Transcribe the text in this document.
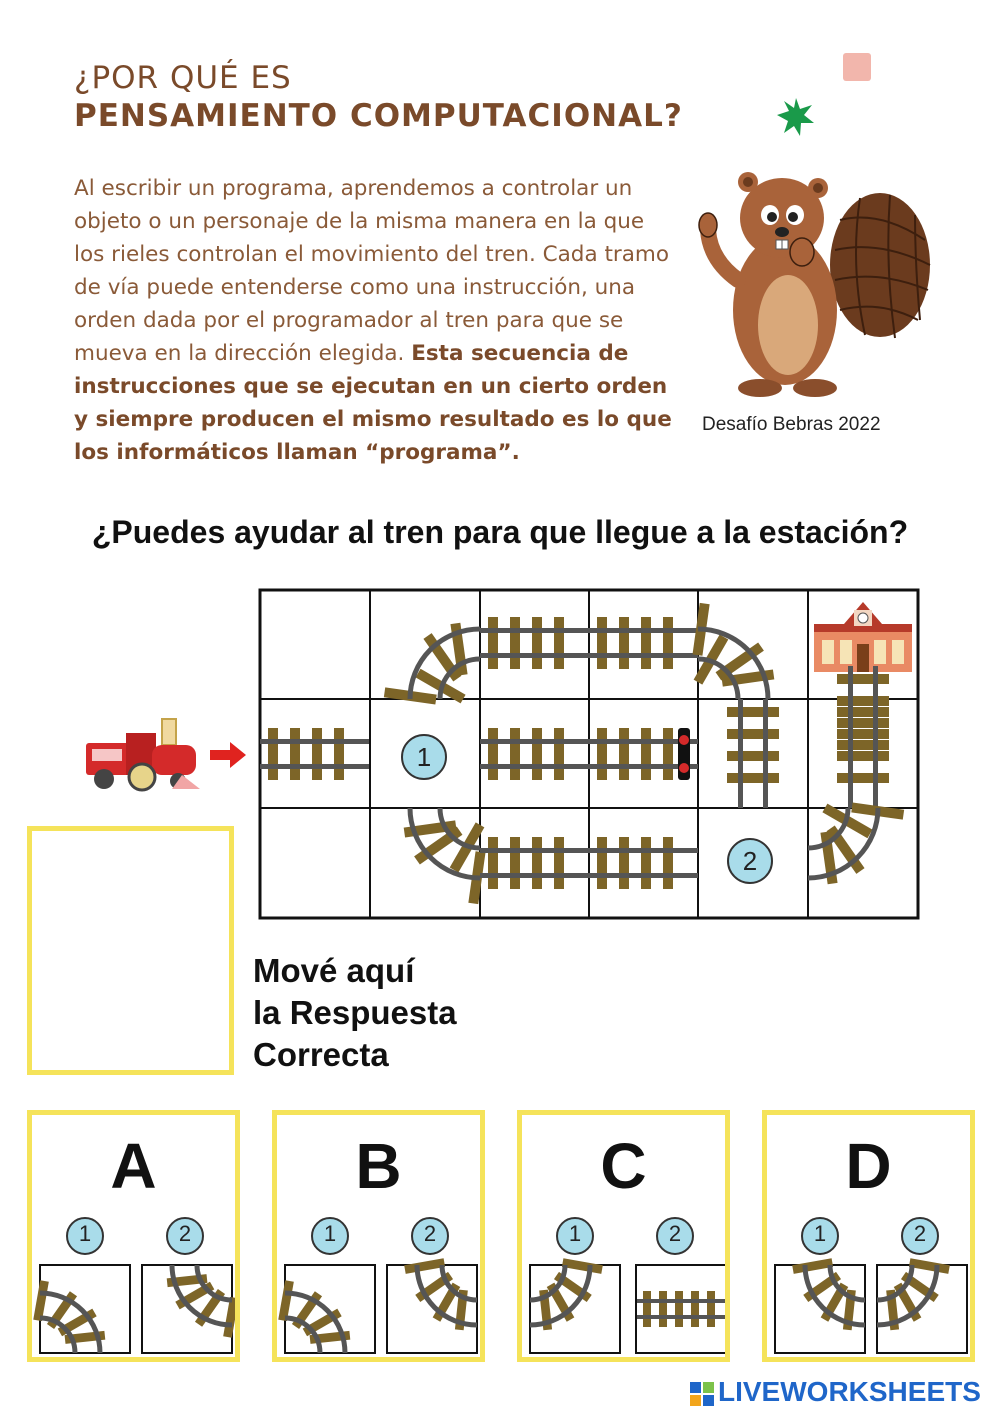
¿POR QUÉ ES
PENSAMIENTO COMPUTACIONAL?
Al escribir un programa, aprendemos a controlar un objeto o un personaje de la misma manera en la que los rieles controlan el movimiento del tren. Cada tramo de vía puede entenderse como una instrucción, una orden dada por el programador al tren para que se mueva en la dirección elegida. Esta secuencia de instrucciones que se ejecutan en un cierto orden y siempre producen el mismo resultado es lo que los informáticos llaman “programa”.
Desafío Bebras 2022
¿Puedes ayudar al tren para que llegue a la estación?
1
2
Mové aquí
la Respuesta
Correcta
A
1	2
B
1	2
C
1	2
D
1	2
LIVEWORKSHEETS
